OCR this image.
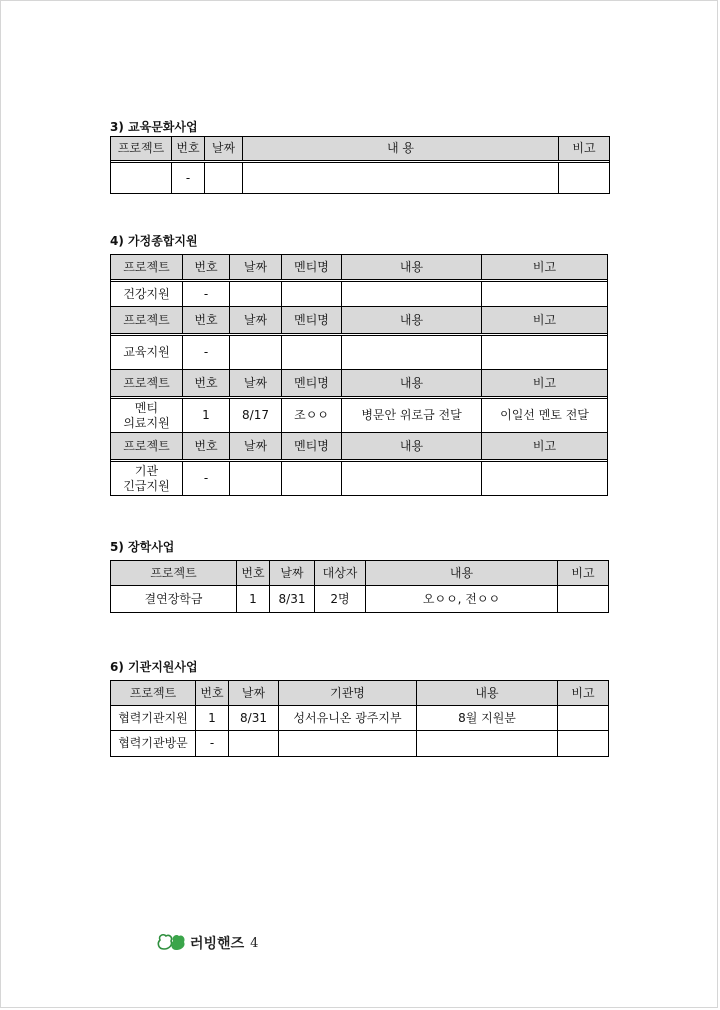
3) 교육문화사업
프로젝트	번호	날짜	내 용	비고

	-			
4) 가정종합지원
프로젝트	번호	날짜	멘티명	내용	비고

건강지원	-				
프로젝트	번호	날짜	멘티명	내용	비고

교육지원	-				
프로젝트	번호	날짜	멘티명	내용	비고

멘티
의료지원	1	8/17	조ㅇㅇ	병문안 위로금 전달	이일선 멘토 전달
프로젝트	번호	날짜	멘티명	내용	비고

기관
긴급지원	-				
5) 장학사업
프로젝트	번호	날짜	대상자	내용	비고
결연장학금	1	8/31	2명	오ㅇㅇ, 전ㅇㅇ	
6) 기관지원사업
프로젝트	번호	날짜	기관명	내용	비고
협력기관지원	1	8/31	성서유니온 광주지부	8월 지원분	
협력기관방문	-				
러빙핸즈 4
